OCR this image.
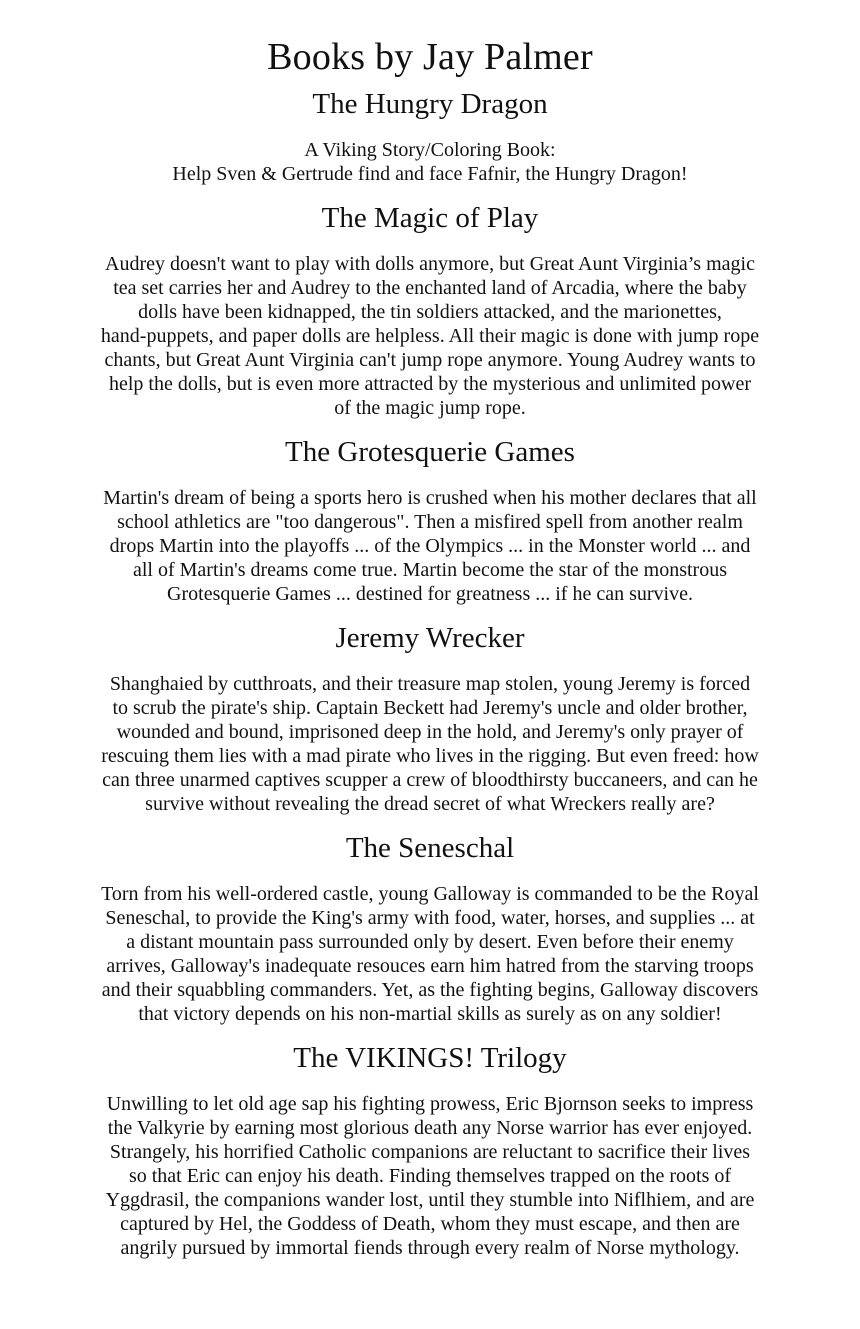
Books by Jay Palmer
The Hungry Dragon

A Viking Story/Coloring Book:
Help Sven & Gertrude find and face Fafnir, the Hungry Dragon!

The Magic of Play

Audrey doesn't want to play with dolls anymore, but Great Aunt Virginia’s magic
tea set carries her and Audrey to the enchanted land of Arcadia, where the baby
dolls have been kidnapped, the tin soldiers attacked, and the marionettes,
hand-puppets, and paper dolls are helpless. All their magic is done with jump rope
chants, but Great Aunt Virginia can't jump rope anymore. Young Audrey wants to
help the dolls, but is even more attracted by the mysterious and unlimited power
of the magic jump rope.

The Grotesquerie Games

Martin's dream of being a sports hero is crushed when his mother declares that all
school athletics are "too dangerous". Then a misfired spell from another realm
drops Martin into the playoffs ... of the Olympics ... in the Monster world ... and
all of Martin's dreams come true. Martin become the star of the monstrous
Grotesquerie Games ... destined for greatness ... if he can survive.

Jeremy Wrecker

Shanghaied by cutthroats, and their treasure map stolen, young Jeremy is forced
to scrub the pirate's ship. Captain Beckett had Jeremy's uncle and older brother,
wounded and bound, imprisoned deep in the hold, and Jeremy's only prayer of
rescuing them lies with a mad pirate who lives in the rigging. But even freed: how
can three unarmed captives scupper a crew of bloodthirsty buccaneers, and can he
survive without revealing the dread secret of what Wreckers really are?

The Seneschal

Torn from his well-ordered castle, young Galloway is commanded to be the Royal
Seneschal, to provide the King's army with food, water, horses, and supplies ... at
a distant mountain pass surrounded only by desert. Even before their enemy
arrives, Galloway's inadequate resouces earn him hatred from the starving troops
and their squabbling commanders. Yet, as the fighting begins, Galloway discovers
that victory depends on his non-martial skills as surely as on any soldier!

The VIKINGS! Trilogy

Unwilling to let old age sap his fighting prowess, Eric Bjornson seeks to impress
the Valkyrie by earning most glorious death any Norse warrior has ever enjoyed.
Strangely, his horrified Catholic companions are reluctant to sacrifice their lives
so that Eric can enjoy his death. Finding themselves trapped on the roots of
Yggdrasil, the companions wander lost, until they stumble into Niflhiem, and are
captured by Hel, the Goddess of Death, whom they must escape, and then are
angrily pursued by immortal fiends through every realm of Norse mythology.
